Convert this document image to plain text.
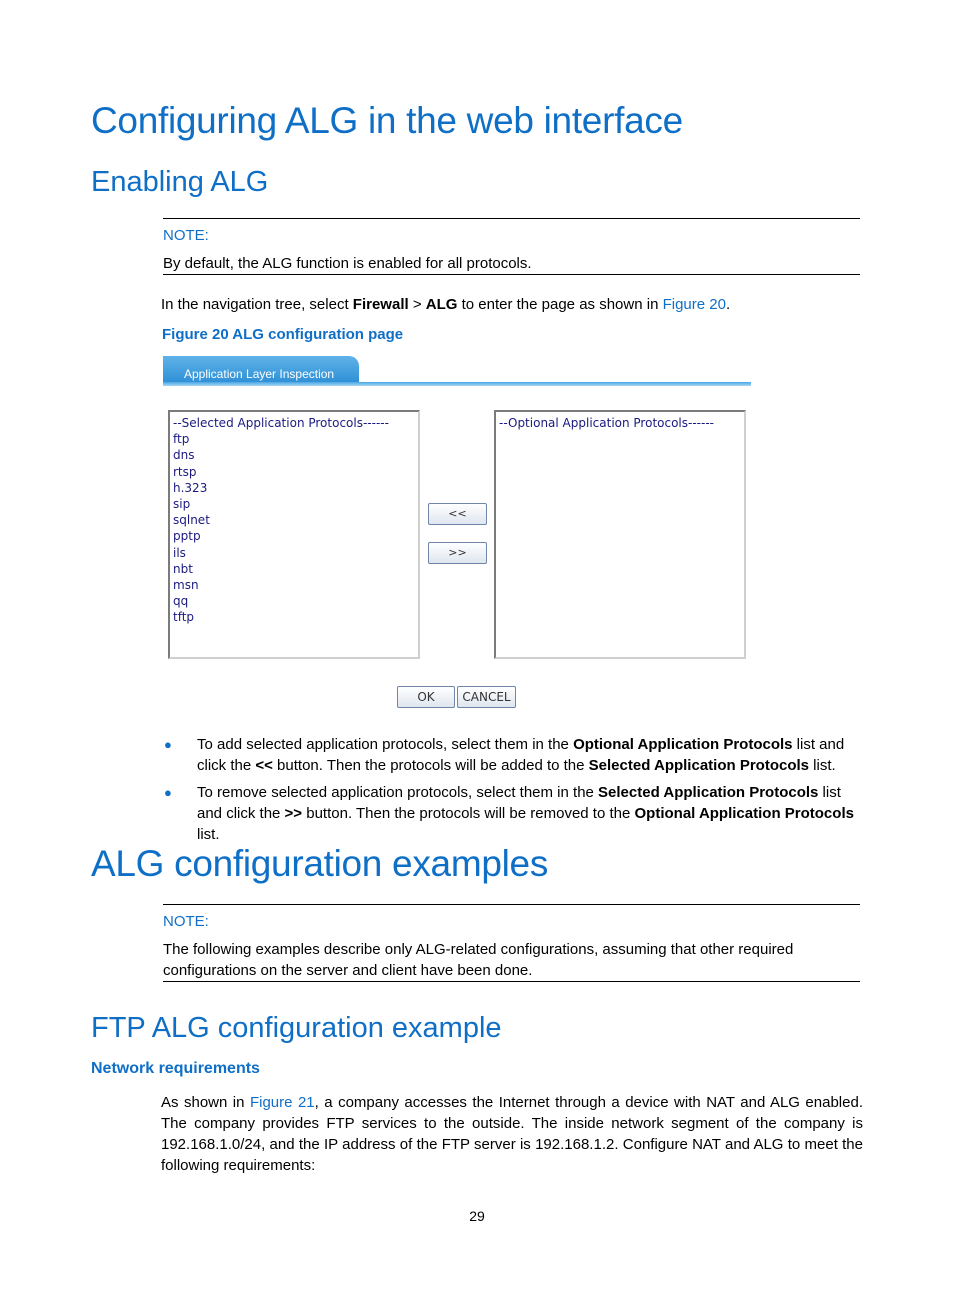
Configuring ALG in the web interface
Enabling ALG
NOTE:
By default, the ALG function is enabled for all protocols.
In the navigation tree, select Firewall > ALG to enter the page as shown in Figure 20.
Figure 20 ALG configuration page
Application Layer Inspection
--Selected Application Protocols------
ftp
dns
rtsp
h.323
sip
sqlnet
pptp
ils
nbt
msn
qq
tftp
<<
>>
--Optional Application Protocols------
OK	CANCEL
● To add selected application protocols, select them in the Optional Application Protocols list and click the << button. Then the protocols will be added to the Selected Application Protocols list.
● To remove selected application protocols, select them in the Selected Application Protocols list and click the >> button. Then the protocols will be removed to the Optional Application Protocols list.
ALG configuration examples
NOTE:
The following examples describe only ALG-related configurations, assuming that other required configurations on the server and client have been done.
FTP ALG configuration example
Network requirements
As shown in Figure 21, a company accesses the Internet through a device with NAT and ALG enabled. The company provides FTP services to the outside. The inside network segment of the company is 192.168.1.0/24, and the IP address of the FTP server is 192.168.1.2. Configure NAT and ALG to meet the following requirements:
29
